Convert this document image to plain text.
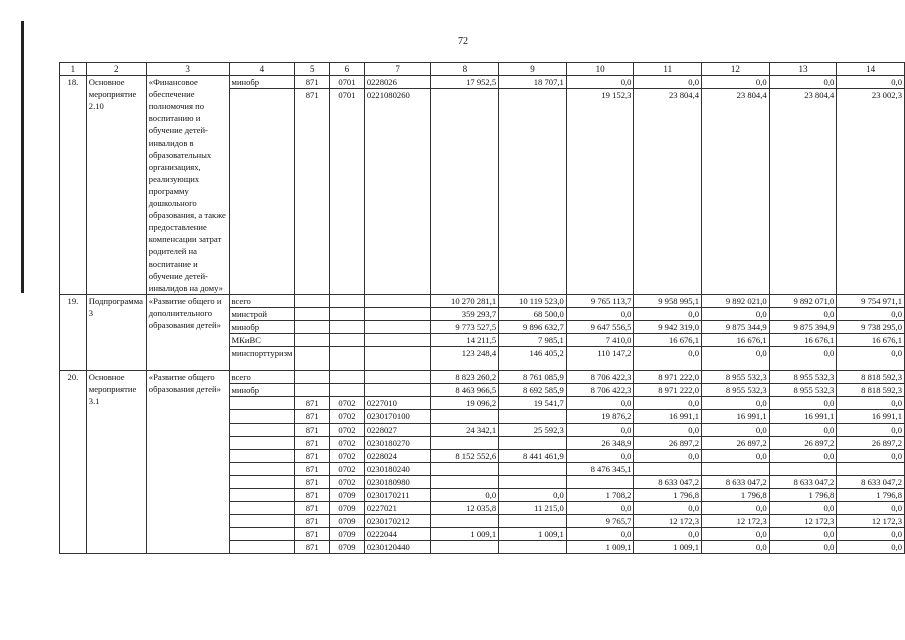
72
1	2	3	4	5	6	7	8	9	10	11	12	13	14
18.	Основное мероприятие 2.10	«Финансовое обеспечение полномочия по воспитанию и обучение детей-инвалидов в образовательных организациях, реализующих программу дошкольного образования, а также предоставление компенсации затрат родителей на воспитание и обучение детей-инвалидов на дому»	минобр	871	0701	0228026	17 952,5	18 707,1	0,0	0,0	0,0	0,0	0,0
				871	0701	0221080260			19 152,3	23 804,4	23 804,4	23 804,4	23 002,3
19.	Подпрограмма 3	«Развитие общего и дополнительного образования детей»	всего				10 270 281,1	10 119 523,0	9 765 113,7	9 958 995,1	9 892 021,0	9 892 071,0	9 754 971,1
			минстрой				359 293,7	68 500,0	0,0	0,0	0,0	0,0	0,0
			минобр				9 773 527,5	9 896 632,7	9 647 556,5	9 942 319,0	9 875 344,9	9 875 394,9	9 738 295,0
			МКиВС				14 211,5	7 985,1	7 410,0	16 676,1	16 676,1	16 676,1	16 676,1
			минспорттуризм				123 248,4	146 405,2	110 147,2	0,0	0,0	0,0	0,0
20.	Основное мероприятие 3.1	«Развитие общего образования детей»	всего				8 823 260,2	8 761 085,9	8 706 422,3	8 971 222,0	8 955 532,3	8 955 532,3	8 818 592,3
			минобр				8 463 966,5	8 692 585,9	8 706 422,3	8 971 222,0	8 955 532,3	8 955 532,3	8 818 592,3
				871	0702	0227010	19 096,2	19 541,7	0,0	0,0	0,0	0,0	0,0
				871	0702	0230170100			19 876,2	16 991,1	16 991,1	16 991,1	16 991,1
				871	0702	0228027	24 342,1	25 592,3	0,0	0,0	0,0	0,0	0,0
				871	0702	0230180270			26 348,9	26 897,2	26 897,2	26 897,2	26 897,2
				871	0702	0228024	8 152 552,6	8 441 461,9	0,0	0,0	0,0	0,0	0,0
				871	0702	0230180240			8 476 345,1				
				871	0702	0230180980				8 633 047,2	8 633 047,2	8 633 047,2	8 633 047,2
				871	0709	0230170211	0,0	0,0	1 708,2	1 796,8	1 796,8	1 796,8	1 796,8
				871	0709	0227021	12 035,8	11 215,0	0,0	0,0	0,0	0,0	0,0
				871	0709	0230170212			9 765,7	12 172,3	12 172,3	12 172,3	12 172,3
				871	0709	0222044	1 009,1	1 009,1	0,0	0,0	0,0	0,0	0,0
				871	0709	0230120440			1 009,1	1 009,1	0,0	0,0	0,0
